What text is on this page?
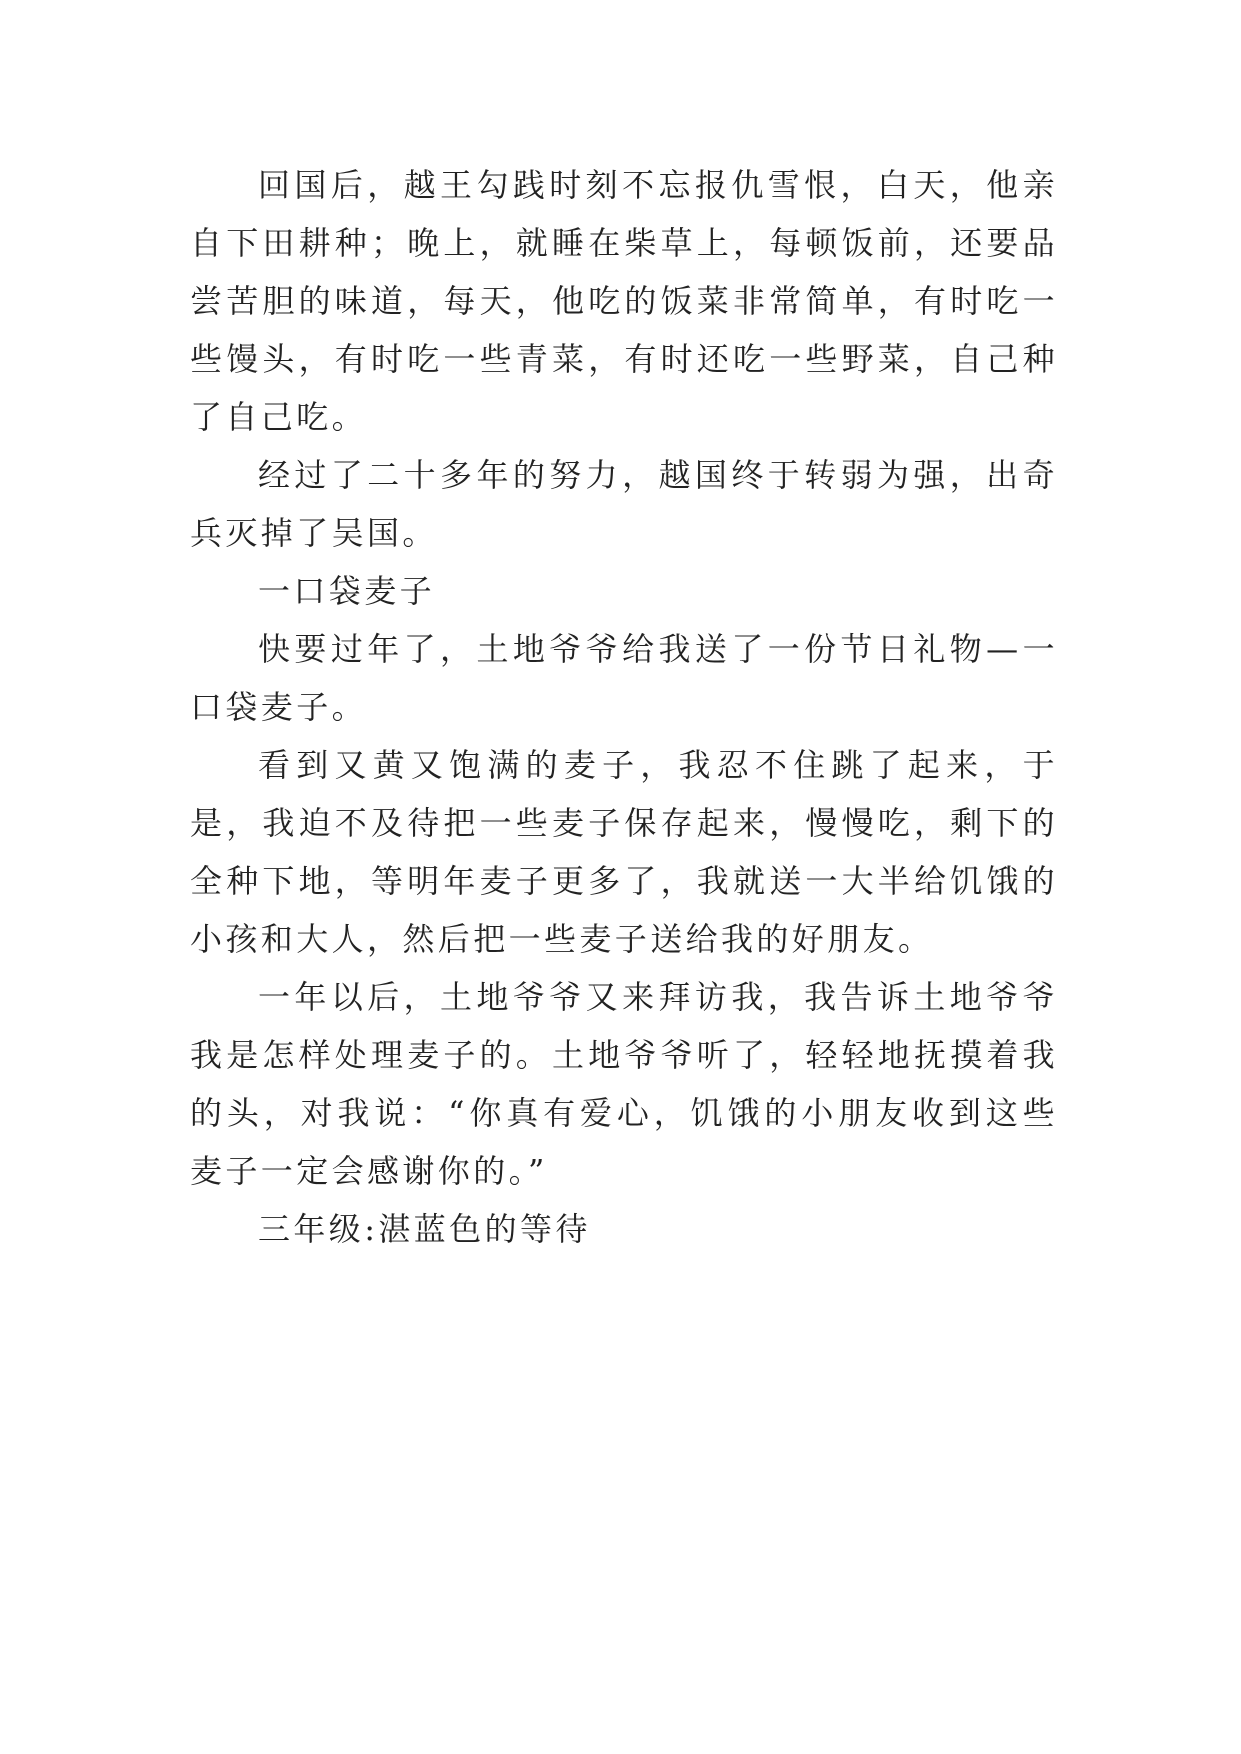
回国后，越王勾践时刻不忘报仇雪恨，白天，他亲自下田耕种；晚上，就睡在柴草上，每顿饭前，还要品尝苦胆的味道，每天，他吃的饭菜非常简单，有时吃一些馒头，有时吃一些青菜，有时还吃一些野菜，自己种了自己吃。

经过了二十多年的努力，越国终于转弱为强，出奇兵灭掉了吴国。

一口袋麦子

快要过年了，土地爷爷给我送了一份节日礼物—一口袋麦子。

看到又黄又饱满的麦子，我忍不住跳了起来，于是，我迫不及待把一些麦子保存起来，慢慢吃，剩下的全种下地，等明年麦子更多了，我就送一大半给饥饿的小孩和大人，然后把一些麦子送给我的好朋友。

一年以后，土地爷爷又来拜访我，我告诉土地爷爷我是怎样处理麦子的。土地爷爷听了，轻轻地抚摸着我的头，对我说：“你真有爱心，饥饿的小朋友收到这些麦子一定会感谢你的。”

三年级:湛蓝色的等待
